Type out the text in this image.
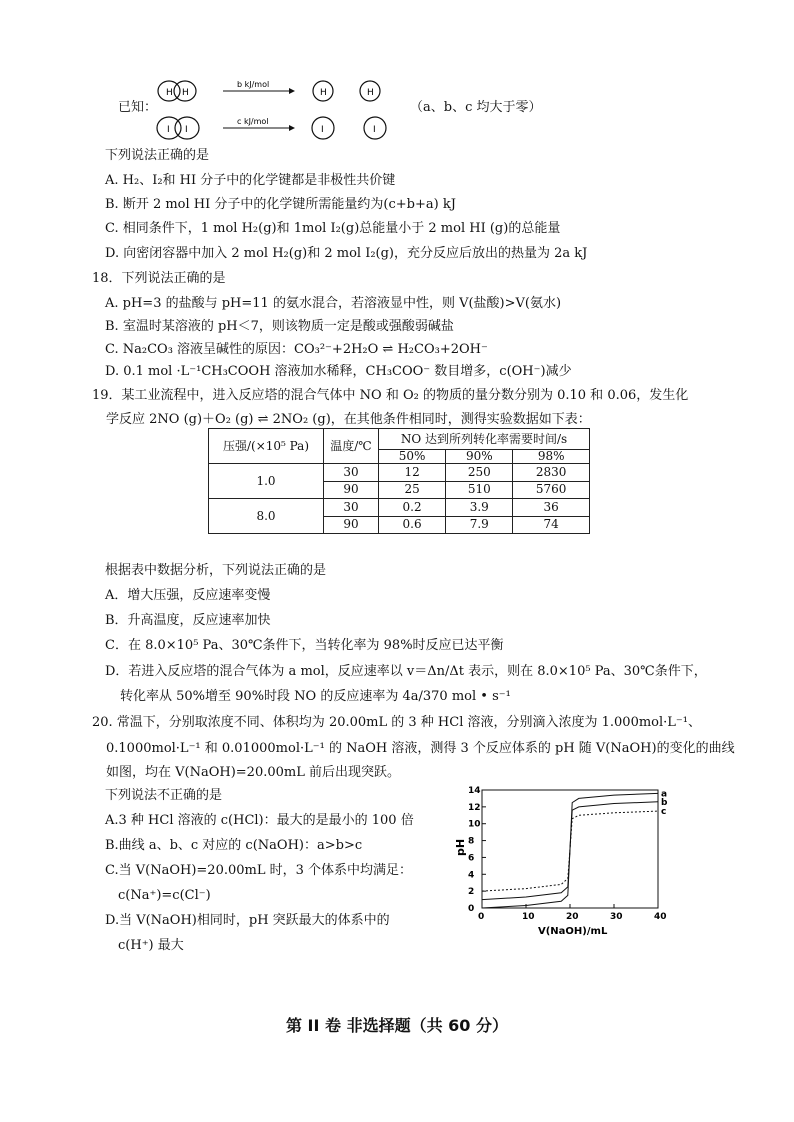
已知：
H H
b kJ/mol
H	H
I I
c kJ/mol
I	I
（a、b、c 均大于零）
下列说法正确的是
A. H₂、I₂和 HI 分子中的化学键都是非极性共价键
B. 断开 2 mol HI 分子中的化学键所需能量约为(c+b+a) kJ
C. 相同条件下，1 mol H₂(g)和 1mol I₂(g)总能量小于 2 mol HI (g)的总能量
D. 向密闭容器中加入 2 mol H₂(g)和 2 mol I₂(g)，充分反应后放出的热量为 2a kJ
18．下列说法正确的是
A. pH=3 的盐酸与 pH=11 的氨水混合，若溶液显中性，则 V(盐酸)>V(氨水)
B. 室温时某溶液的 pH＜7，则该物质一定是酸或强酸弱碱盐
C. Na₂CO₃ 溶液呈碱性的原因：CO₃²⁻+2H₂O ⇌ H₂CO₃+2OH⁻
D. 0.1 mol ·L⁻¹CH₃COOH 溶液加水稀释，CH₃COO⁻ 数目增多，c(OH⁻)减少
19．某工业流程中，进入反应塔的混合气体中 NO 和 O₂ 的物质的量分数分别为 0.10 和 0.06，发生化
学反应 2NO (g)＋O₂ (g) ⇌ 2NO₂ (g)，在其他条件相同时，测得实验数据如下表：
压强/(×10⁵ Pa)	温度/℃	NO 达到所列转化率需要时间/s		
		50%	90%	98%
1.0	30	12	250	2830
	90	25	510	5760
8.0	30	0.2	3.9	36
	90	0.6	7.9	74
根据表中数据分析，下列说法正确的是
A．增大压强，反应速率变慢
B．升高温度，反应速率加快
C．在 8.0×10⁵ Pa、30℃条件下，当转化率为 98%时反应已达平衡
D．若进入反应塔的混合气体为 a mol，反应速率以 v＝Δn/Δt 表示，则在 8.0×10⁵ Pa、30℃条件下，
转化率从 50%增至 90%时段 NO 的反应速率为 4a/370 mol • s⁻¹
20. 常温下，分别取浓度不同、体积均为 20.00mL 的 3 种 HCl 溶液，分别滴入浓度为 1.000mol·L⁻¹、
0.1000mol·L⁻¹ 和 0.01000mol·L⁻¹ 的 NaOH 溶液，测得 3 个反应体系的 pH 随 V(NaOH)的变化的曲线
如图，均在 V(NaOH)=20.00mL 前后出现突跃。
下列说法不正确的是
A.3 种 HCl 溶液的 c(HCl)：最大的是最小的 100 倍
B.曲线 a、b、c 对应的 c(NaOH)：a>b>c
C.当 V(NaOH)=20.00mL 时，3 个体系中均满足：
c(Na⁺)=c(Cl⁻)
D.当 V(NaOH)相同时，pH 突跃最大的体系中的
c(H⁺) 最大
0	10	20	30	40
0
2
4
6
8
10
12
14	a
b
c
pH
V(NaOH)/mL
第 II 卷 非选择题（共 60 分）
